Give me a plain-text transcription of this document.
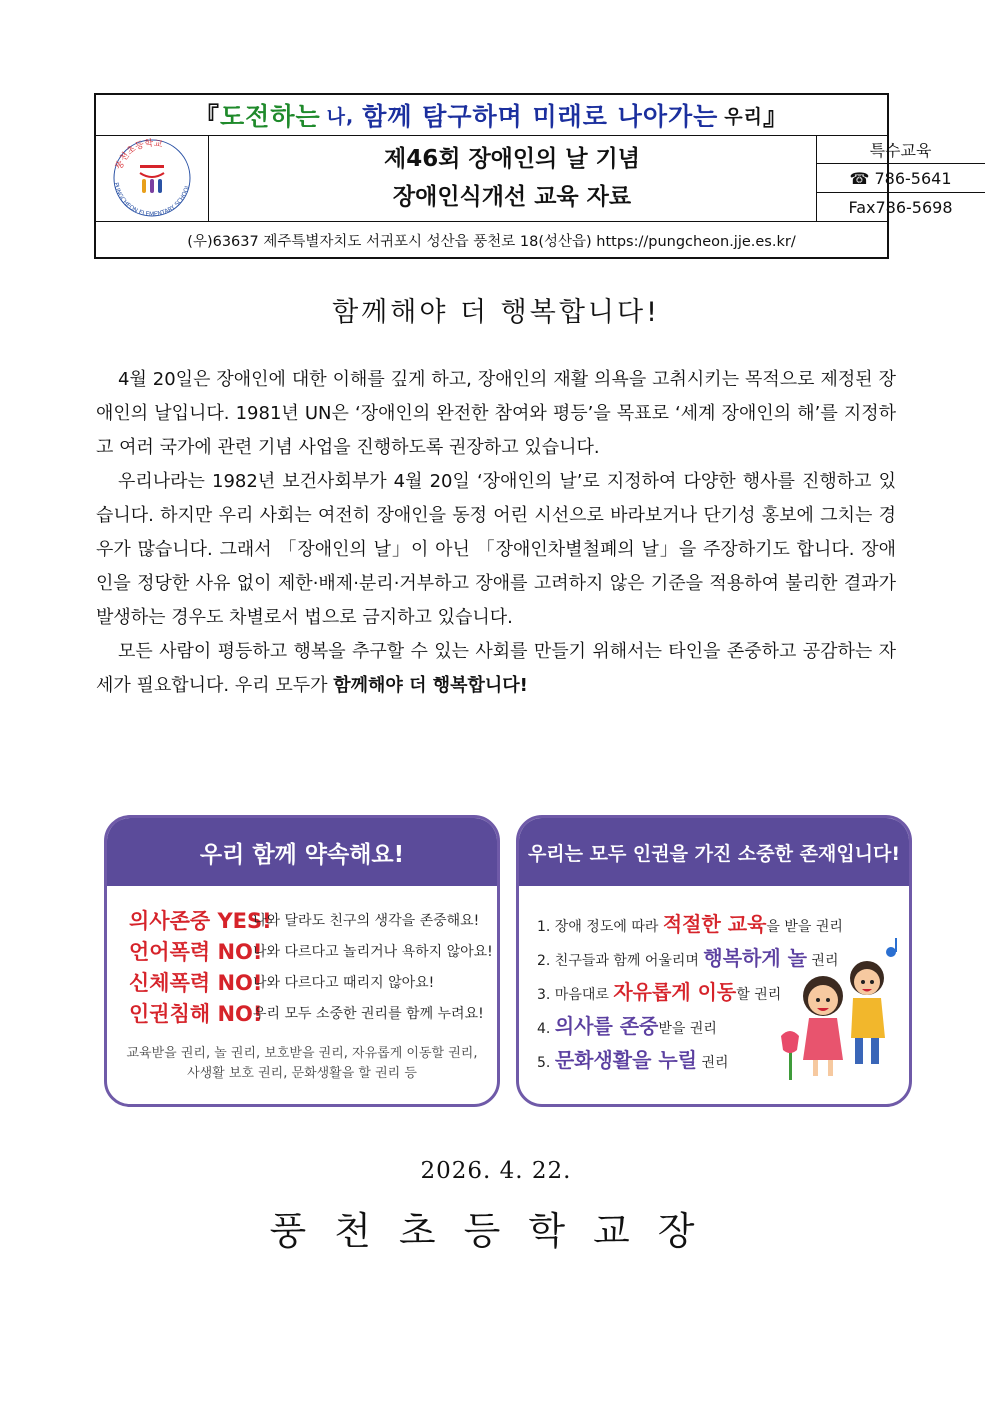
『 도전하는 나, 함께 탐구하며 미래로 나아가는 우리 』
풍천초등학교
PUNGCHEON ELEMENTARY SCHOOL
제46회 장애인의 날 기념
장애인식개선 교육 자료
특수교육
☎ 786-5641
Fax786-5698
(우)63637 제주특별자치도 서귀포시 성산읍 풍천로 18(성산읍) https://pungcheon.jje.es.kr/
함께해야 더 행복합니다!

4월 20일은 장애인에 대한 이해를 깊게 하고, 장애인의 재활 의욕을 고취시키는 목적으로 제정된 장애인의 날입니다. 1981년 UN은 ‘장애인의 완전한 참여와 평등’을 목표로 ‘세계 장애인의 해’를 지정하고 여러 국가에 관련 기념 사업을 진행하도록 권장하고 있습니다.

우리나라는 1982년 보건사회부가 4월 20일 ‘장애인의 날’로 지정하여 다양한 행사를 진행하고 있습니다. 하지만 우리 사회는 여전히 장애인을 동정 어린 시선으로 바라보거나 단기성 홍보에 그치는 경우가 많습니다. 그래서 「장애인의 날」이 아닌 「장애인차별철폐의 날」을 주장하기도 합니다. 장애인을 정당한 사유 없이 제한·배제·분리·거부하고 장애를 고려하지 않은 기준을 적용하여 불리한 결과가 발생하는 경우도 차별로서 법으로 금지하고 있습니다.

모든 사람이 평등하고 행복을 추구할 수 있는 사회를 만들기 위해서는 타인을 존중하고 공감하는 자세가 필요합니다. 우리 모두가 함께해야 더 행복합니다!

우리 함께 약속해요!
의사존중 YES!
나와 달라도 친구의 생각을 존중해요!
언어폭력 NO!
나와 다르다고 놀리거나 욕하지 않아요!
신체폭력 NO!
나와 다르다고 때리지 않아요!
인권침해 NO!
우리 모두 소중한 권리를 함께 누려요!
교육받을 권리, 놀 권리, 보호받을 권리, 자유롭게 이동할 권리,
사생활 보호 권리, 문화생활을 할 권리 등
우리는 모두 인권을 가진 소중한 존재입니다!
1. 장애 정도에 따라 적절한 교육을 받을 권리
2. 친구들과 함께 어울리며 행복하게 놀 권리
3. 마음대로 자유롭게 이동할 권리
4. 의사를 존중받을 권리
5. 문화생활을 누릴 권리
2026. 4. 22.
풍천초등학교장
